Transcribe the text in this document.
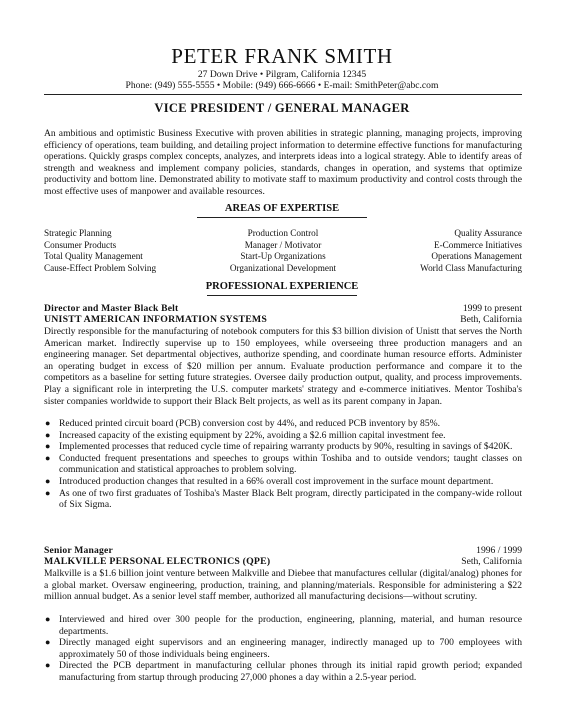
PETER FRANK SMITH
27 Down Drive • Pilgram, California 12345
Phone: (949) 555-5555 • Mobile: (949) 666-6666 • E-mail: SmithPeter@abc.com
VICE PRESIDENT / GENERAL MANAGER

An ambitious and optimistic Business Executive with proven abilities in strategic planning, managing projects, improving efficiency of operations, team building, and detailing project information to determine effective functions for manufacturing operations. Quickly grasps complex concepts, analyzes, and interprets ideas into a logical strategy. Able to identify areas of strength and weakness and implement company policies, standards, changes in operation, and systems that optimize productivity and bottom line. Demonstrated ability to motivate staff to maximum productivity and control costs through the most effective uses of manpower and available resources.

AREAS OF EXPERTISE
Strategic Planning	Production Control	Quality Assurance
Consumer Products	Manager / Motivator	E-Commerce Initiatives
Total Quality Management	Start-Up Organizations	Operations Management
Cause-Effect Problem Solving	Organizational Development	World Class Manufacturing
PROFESSIONAL EXPERIENCE
Director and Master Black Belt	1999 to present
UNISTT AMERICAN INFORMATION SYSTEMS	Beth, California

Directly responsible for the manufacturing of notebook computers for this $3 billion division of Unistt that serves the North American market. Indirectly supervise up to 150 employees, while overseeing three production managers and an engineering manager. Set departmental objectives, authorize spending, and coordinate human resource efforts. Administer an operating budget in excess of $20 million per annum. Evaluate production performance and compare it to the competitors as a baseline for setting future strategies. Oversee daily production output, quality, and process improvements. Play a significant role in interpreting the U.S. computer markets' strategy and e-commerce initiatives. Mentor Toshiba's sister companies worldwide to support their Black Belt projects, as well as its parent company in Japan.

● Reduced printed circuit board (PCB) conversion cost by 44%, and reduced PCB inventory by 85%.
● Increased capacity of the existing equipment by 22%, avoiding a $2.6 million capital investment fee.
● Implemented processes that reduced cycle time of repairing warranty products by 90%, resulting in savings of $420K.
● Conducted frequent presentations and speeches to groups within Toshiba and to outside vendors; taught classes on communication and statistical approaches to problem solving.
● Introduced production changes that resulted in a 66% overall cost improvement in the surface mount department.
● As one of two first graduates of Toshiba's Master Black Belt program, directly participated in the company-wide rollout of Six Sigma.
Senior Manager	1996 / 1999
MALKVILLE PERSONAL ELECTRONICS (QPE)	Seth, California

Malkville is a $1.6 billion joint venture between Malkville and Diebee that manufactures cellular (digital/analog) phones for a global market. Oversaw engineering, production, training, and planning/materials. Responsible for administering a $22 million annual budget. As a senior level staff member, authorized all manufacturing decisions—without scrutiny.

● Interviewed and hired over 300 people for the production, engineering, planning, material, and human resource departments.
● Directly managed eight supervisors and an engineering manager, indirectly managed up to 700 employees with approximately 50 of those individuals being engineers.
● Directed the PCB department in manufacturing cellular phones through its initial rapid growth period; expanded manufacturing from startup through producing 27,000 phones a day within a 2.5-year period.
